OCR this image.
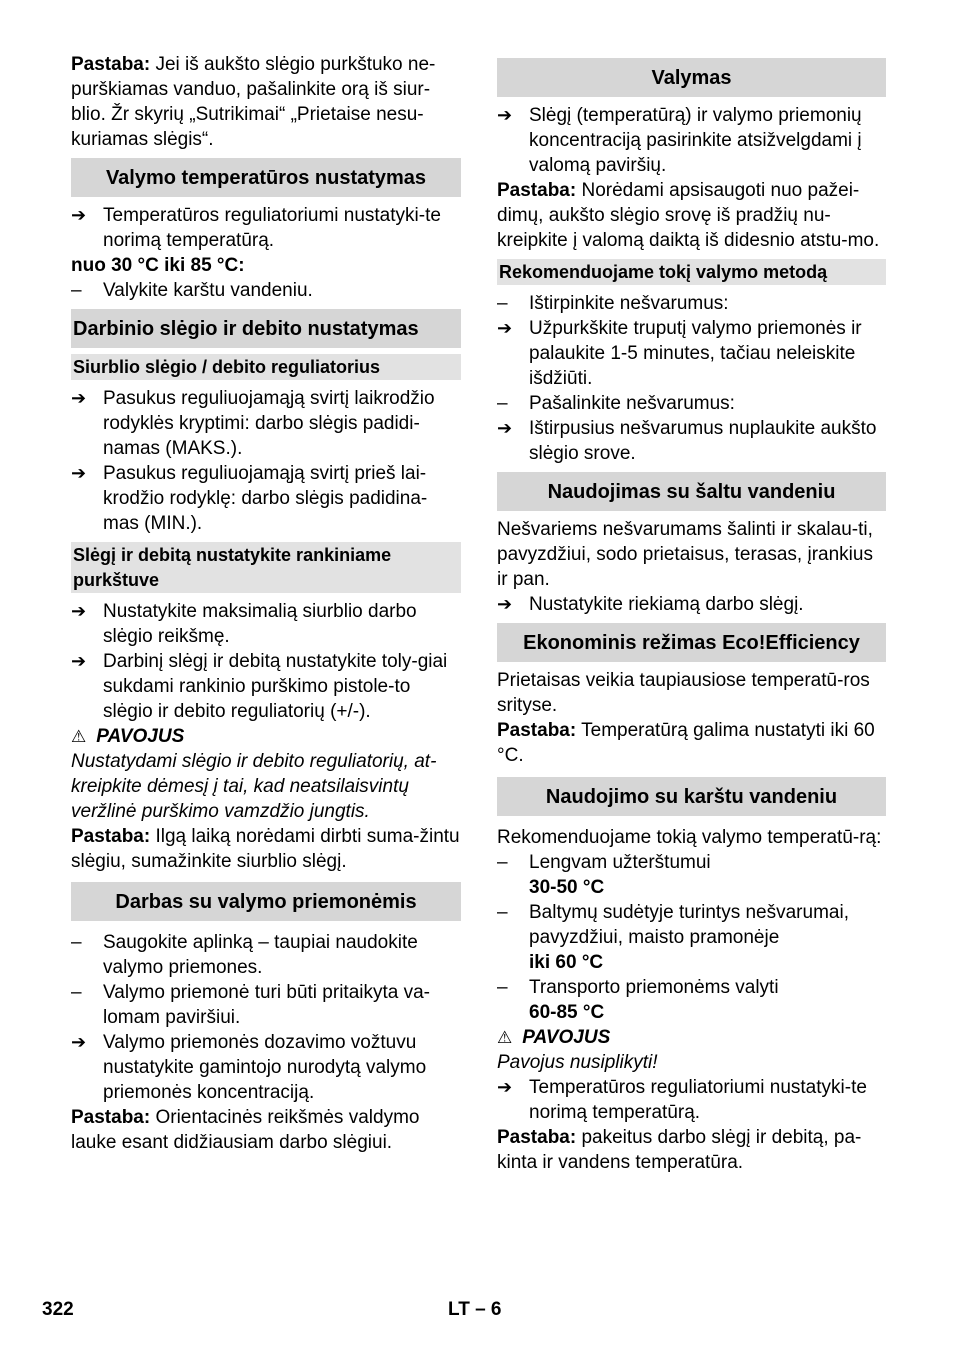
Pastaba: Jei iš aukšto slėgio purkštuko ne-purškiamas vanduo, pašalinkite orą iš siur-blio. Žr skyrių „Sutrikimai“ „Prietaise nesu-kuriamas slėgis“.

Valymo temperatūros nustatymas
➔ Temperatūros reguliatoriumi nustatyki-te norimą temperatūrą.

nuo 30 °C iki 85 °C:

–	Valykite karštu vandeniu.
Darbinio slėgio ir debito nustatymas
Siurblio slėgio / debito reguliatorius
➔ Pasukus reguliuojamąją svirtį laikrodžio rodyklės kryptimi: darbo slėgis padidi-namas (MAKS.).
➔ Pasukus reguliuojamąją svirtį prieš lai-krodžio rodyklę: darbo slėgis padidina-mas (MIN.).
Slėgį ir debitą nustatykite rankiniame purkštuve
➔ Nustatykite maksimalią siurblio darbo slėgio reikšmę.
➔ Darbinį slėgį ir debitą nustatykite toly-giai sukdami rankinio purškimo pistole-to slėgio ir debito reguliatorių (+/-).

⚠ PAVOJUS

Nustatydami slėgio ir debito reguliatorių, at-kreipkite dėmesį į tai, kad neatsilaisvintų veržlinė purškimo vamzdžio jungtis.

Pastaba: Ilgą laiką norėdami dirbti suma-žintu slėgiu, sumažinkite siurblio slėgį.

Darbas su valymo priemonėmis
–	Saugokite aplinką – taupiai naudokite valymo priemones.
–	Valymo priemonė turi būti pritaikyta va-lomam paviršiui.
➔ Valymo priemonės dozavimo vožtuvu nustatykite gamintojo nurodytą valymo priemonės koncentraciją.

Pastaba: Orientacinės reikšmės valdymo lauke esant didžiausiam darbo slėgiui.

Valymas
➔ Slėgį (temperatūrą) ir valymo priemonių koncentraciją pasirinkite atsižvelgdami į valomą paviršių.

Pastaba: Norėdami apsisaugoti nuo pažei-dimų, aukšto slėgio srovę iš pradžių nu-kreipkite į valomą daiktą iš didesnio atstu-mo.

Rekomenduojame tokį valymo metodą
–	Ištirpinkite nešvarumus:
➔ Užpurkškite truputį valymo priemonės ir palaukite 1-5 minutes, tačiau neleiskite išdžiūti.
–	Pašalinkite nešvarumus:
➔ Ištirpusius nešvarumus nuplaukite aukšto slėgio srove.
Naudojimas su šaltu vandeniu

Nešvariems nešvarumams šalinti ir skalau-ti, pavyzdžiui, sodo prietaisus, terasas, įrankius ir pan.

➔ Nustatykite riekiamą darbo slėgį.
Ekonominis režimas Eco!Efficiency

Prietaisas veikia taupiausiose temperatū-ros srityse.

Pastaba: Temperatūrą galima nustatyti iki 60 °C.

Naudojimo su karštu vandeniu

Rekomenduojame tokią valymo temperatū-rą:

–	Lengvam užterštumui
30-50 °C
–	Baltymų sudėtyje turintys nešvarumai, pavyzdžiui, maisto pramonėje
iki 60 °C
–	Transporto priemonėms valyti
60-85 °C

⚠ PAVOJUS

Pavojus nusiplikyti!

➔ Temperatūros reguliatoriumi nustatyki-te norimą temperatūrą.

Pastaba: pakeitus darbo slėgį ir debitą, pa-kinta ir vandens temperatūra.

322	LT – 6
